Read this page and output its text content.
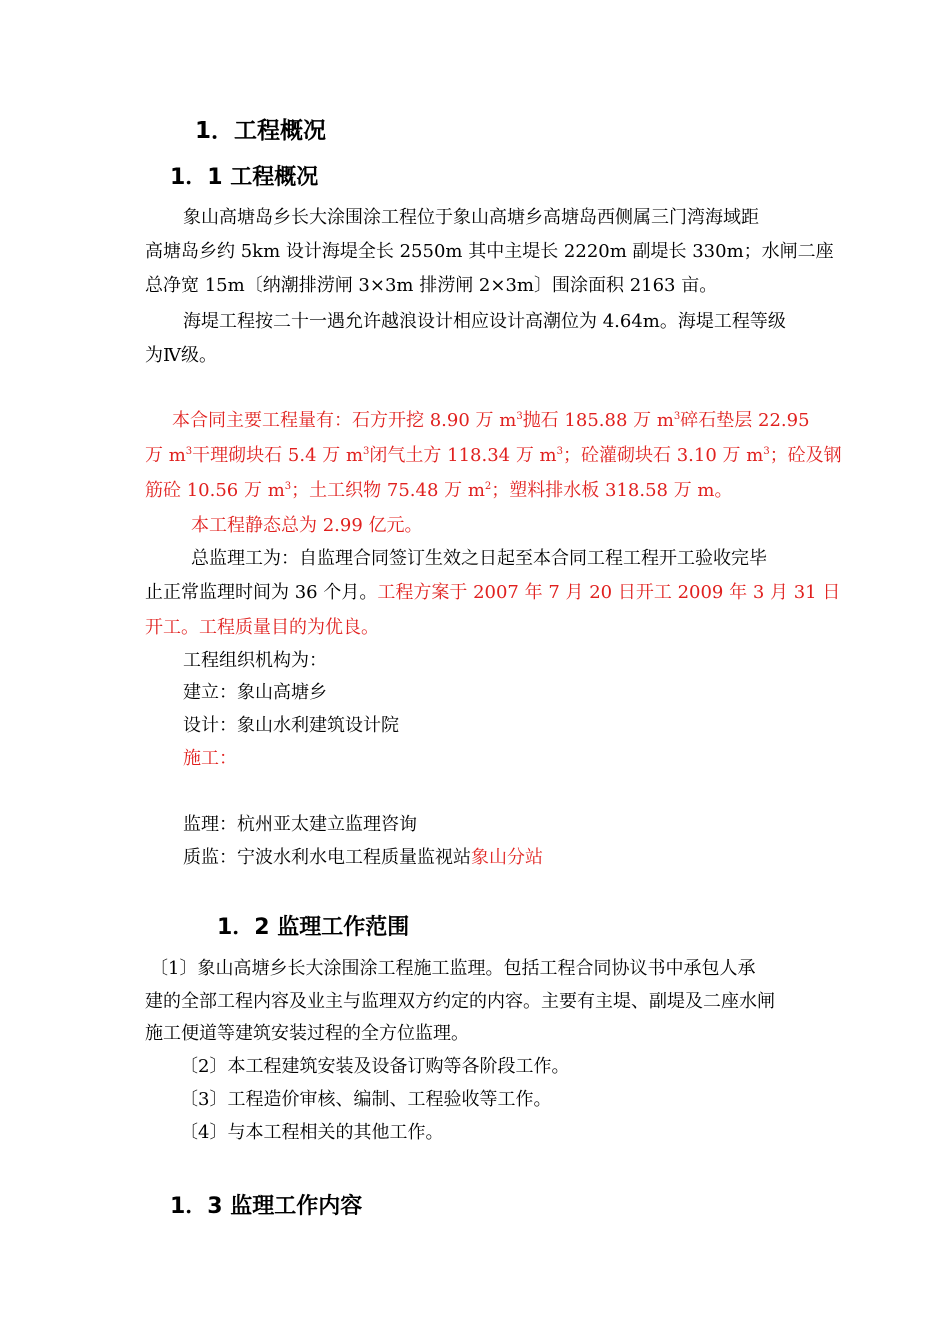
1．工程概况
1．1 工程概况
象山高塘岛乡长大涂围涂工程位于象山高塘乡高塘岛西侧属三门湾海域距
高塘岛乡约 5km 设计海堤全长 2550m 其中主堤长 2220m 副堤长 330m；水闸二座
总净宽 15m〔纳潮排涝闸 3×3m 排涝闸 2×3m〕围涂面积 2163 亩。
海堤工程按二十一遇允许越浪设计相应设计高潮位为 4.64m。海堤工程等级
为Ⅳ级。
本合同主要工程量有：石方开挖 8.90 万 $m^3$抛石 185.88 万 $m^3$碎石垫层 22.95
万 $m^3$干理砌块石 5.4 万 $m^3$闭气土方 118.34 万 $m^3$；砼灌砌块石 3.10 万 $m^3$；砼及钢
筋砼 10.56 万 $m^3$；土工织物 75.48 万 $m^2$；塑料排水板 318.58 万 m。
本工程静态总为 2.99 亿元。
总监理工为：自监理合同签订生效之日起至本合同工程工程开工验收完毕
止正常监理时间为 36 个月。工程方案于 2007 年 7 月 20 日开工 2009 年 3 月 31 日
开工。工程质量目的为优良。
工程组织机构为：
建立：象山高塘乡
设计：象山水利建筑设计院
施工：
监理：杭州亚太建立监理咨询
质监：宁波水利水电工程质量监视站象山分站
1．2 监理工作范围
〔1〕象山高塘乡长大涂围涂工程施工监理。包括工程合同协议书中承包人承
建的全部工程内容及业主与监理双方约定的内容。主要有主堤、副堤及二座水闸
施工便道等建筑安装过程的全方位监理。
〔2〕本工程建筑安装及设备订购等各阶段工作。
〔3〕工程造价审核、编制、工程验收等工作。
〔4〕与本工程相关的其他工作。
1．3 监理工作内容
